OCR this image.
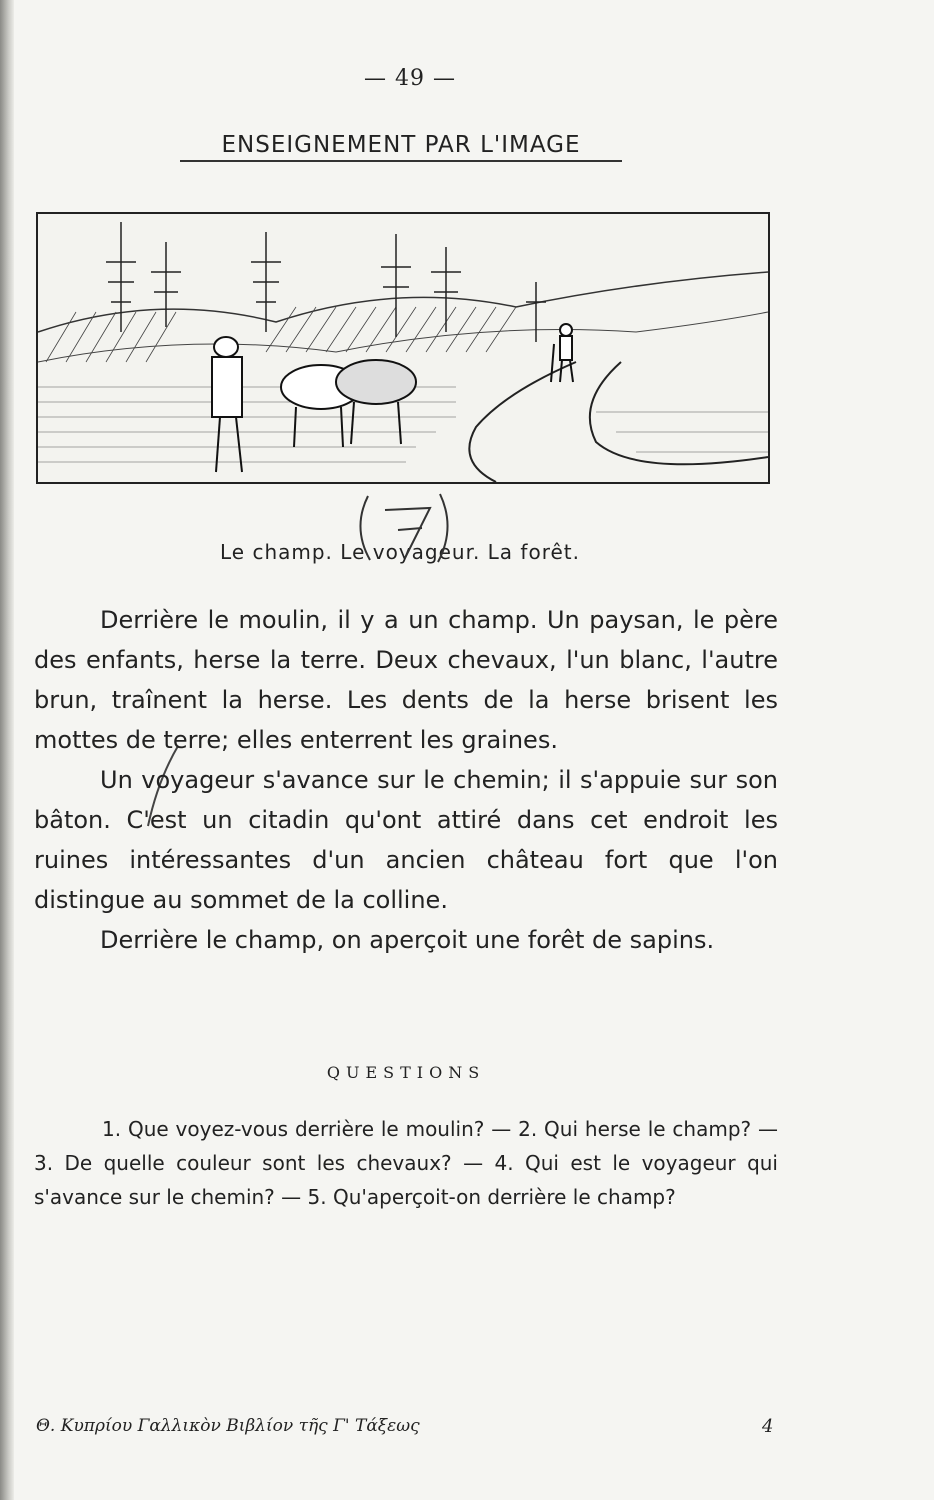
— 49 —
ENSEIGNEMENT PAR L'IMAGE
Le champ. Le voyageur. La forêt.

Derrière le moulin, il y a un champ. Un paysan, le père des enfants, herse la terre. Deux chevaux, l'un blanc, l'autre brun, traînent la herse. Les dents de la herse brisent les mottes de terre; elles enterrent les graines.

Un voyageur s'avance sur le chemin; il s'appuie sur son bâton. C'est un citadin qu'ont attiré dans cet endroit les ruines intéressantes d'un ancien château fort que l'on distingue au sommet de la colline.

Derrière le champ, on aperçoit une forêt de sapins.

QUESTIONS

1. Que voyez-vous derrière le moulin? — 2. Qui herse le champ? — 3. De quelle couleur sont les chevaux? — 4. Qui est le voyageur qui s'avance sur le chemin? — 5. Qu'aperçoit-on derrière le champ?

Θ. Κυπρίου Γαλλικὸν Βιβλίον τῆς Γ' Τάξεως	4
